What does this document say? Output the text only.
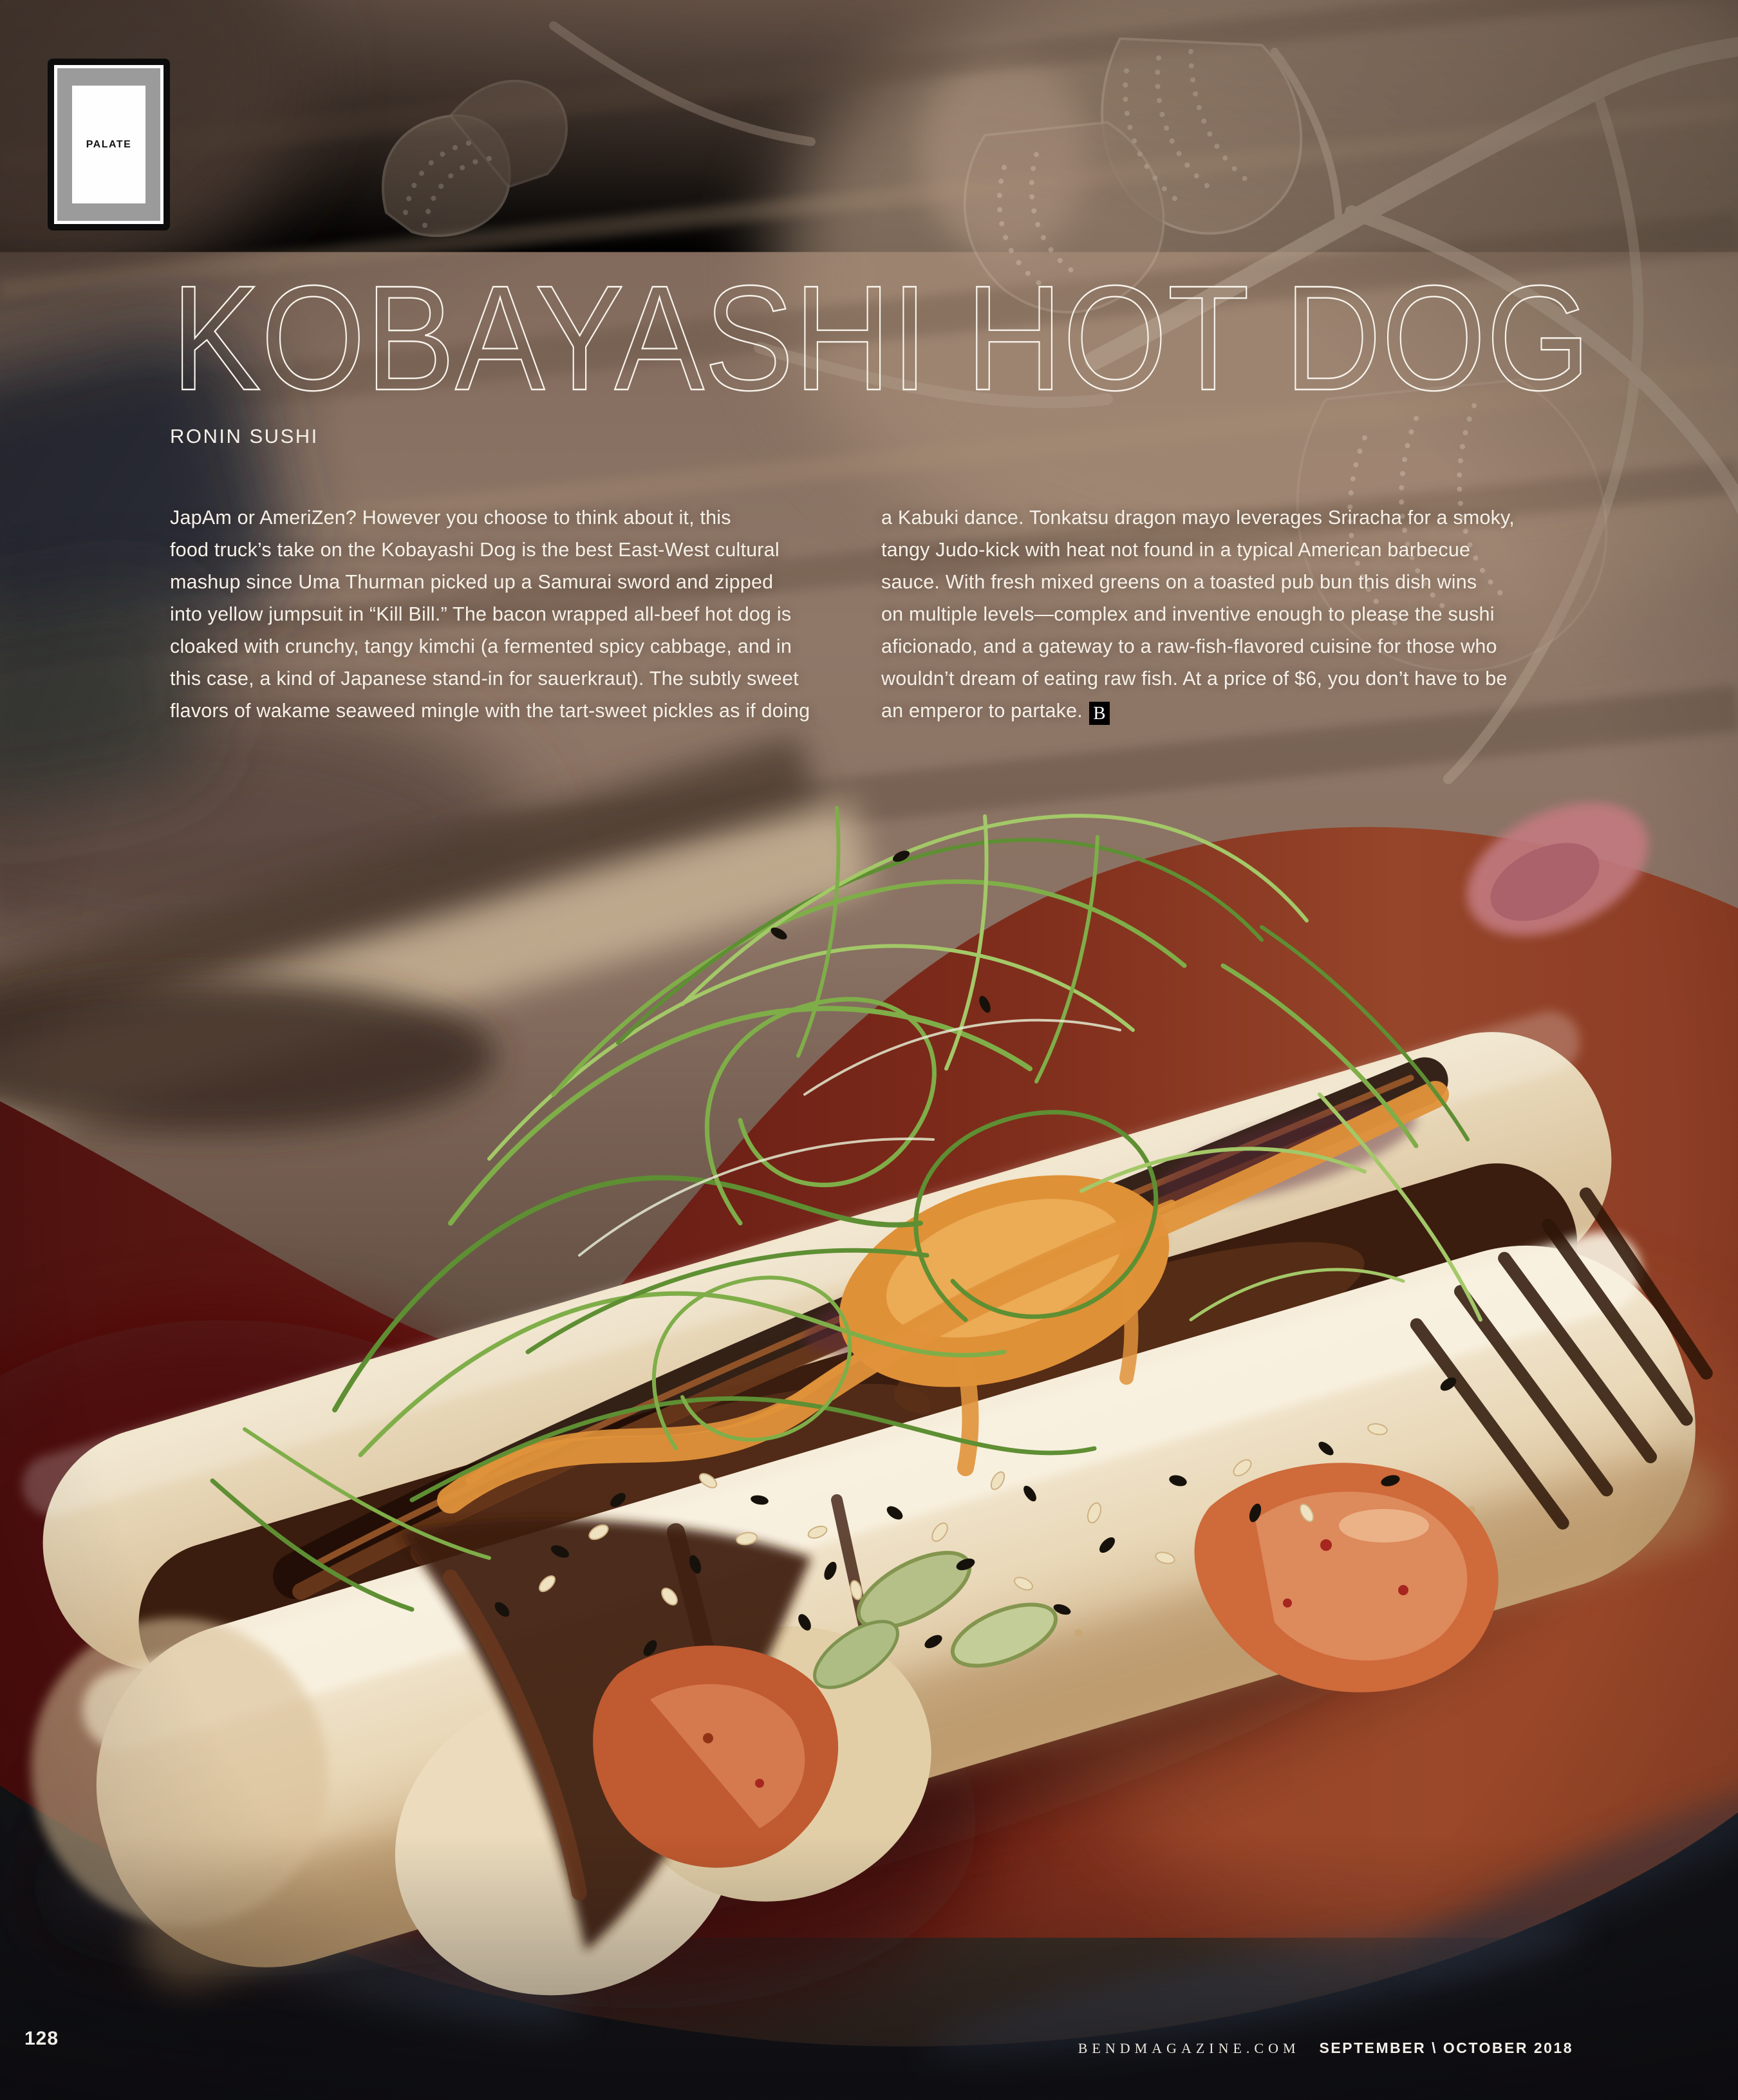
PALATE
KOBAYASHI HOT DOG
RONIN SUSHI
JapAm or AmeriZen? However you choose to think about it, this
food truck’s take on the Kobayashi Dog is the best East-West cultural
mashup since Uma Thurman picked up a Samurai sword and zipped
into yellow jumpsuit in “Kill Bill.” The bacon wrapped all-beef hot dog is
cloaked with crunchy, tangy kimchi (a fermented spicy cabbage, and in
this case, a kind of Japanese stand-in for sauerkraut). The subtly sweet
flavors of wakame seaweed mingle with the tart-sweet pickles as if doing
a Kabuki dance. Tonkatsu dragon mayo leverages Sriracha for a smoky,
tangy Judo-kick with heat not found in a typical American barbecue
sauce. With fresh mixed greens on a toasted pub bun this dish wins
on multiple levels—complex and inventive enough to please the sushi
aficionado, and a gateway to a raw-fish-flavored cuisine for those who
wouldn’t dream of eating raw fish. At a price of $6, you don’t have to be
an emperor to partake. B
128	BENDMAGAZINE.COM SEPTEMBER \ OCTOBER 2018
